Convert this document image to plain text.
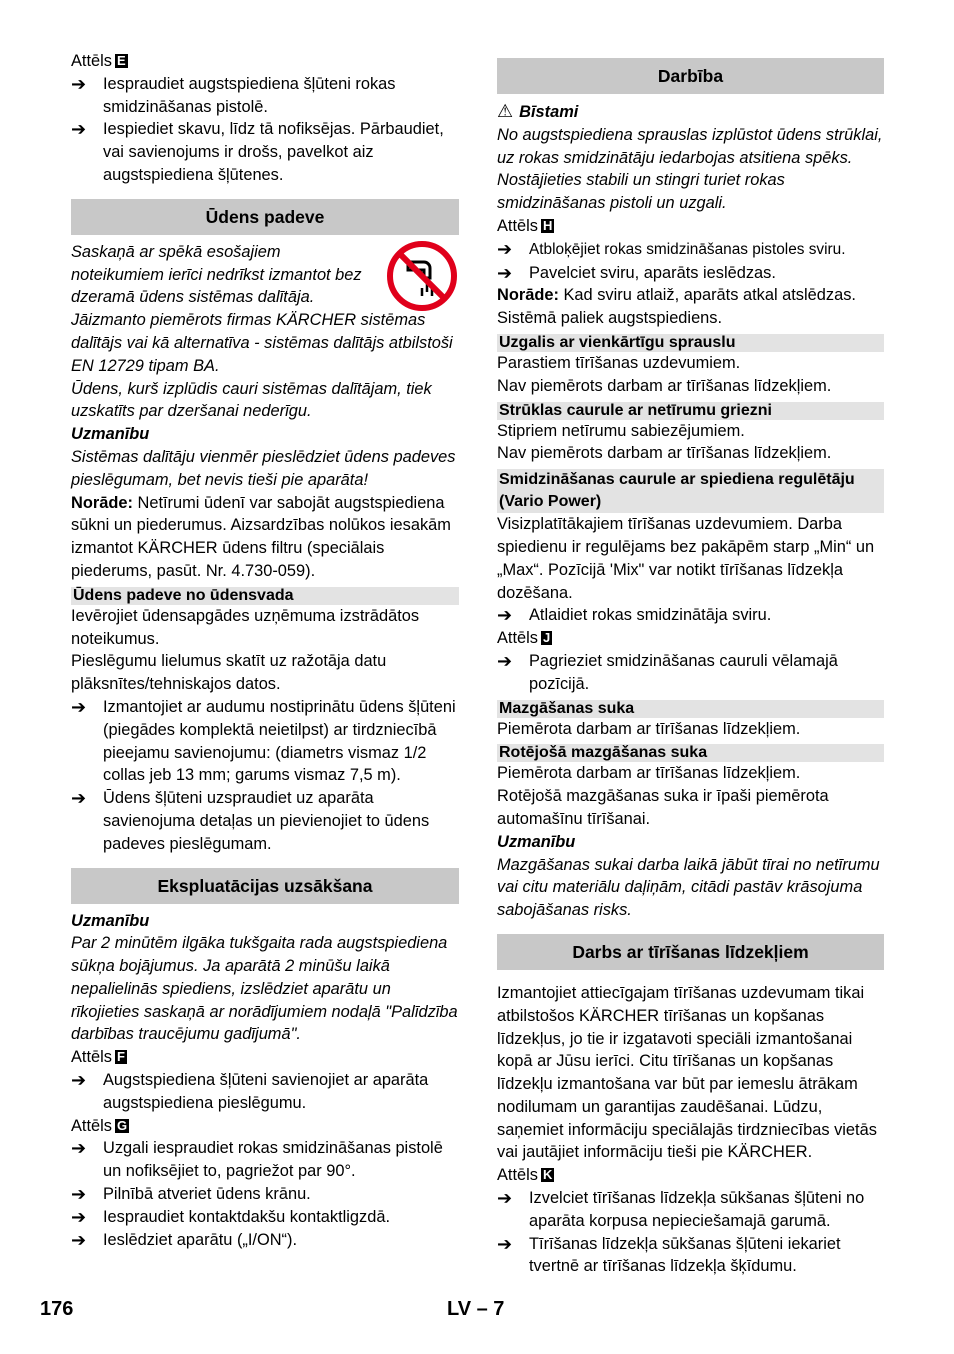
Attēls E

➔ Iespraudiet augstspiediena šļūteni rokas smidzināšanas pistolē.

➔ Iespiediet skavu, līdz tā nofiksējas. Pārbaudiet, vai savienojums ir drošs, pavelkot aiz augstspiediena šļūtenes.

Ūdens padeve

Saskaņā ar spēkā esošajiem noteikumiem ierīci nedrīkst izmantot bez dzeramā ūdens sistēmas dalītāja.

Jāizmanto piemērots firmas KÄRCHER sistēmas dalītājs vai kā alternatīva - sistēmas dalītājs atbilstoši EN 12729 tipam BA.

Ūdens, kurš izplūdis cauri sistēmas dalītājam, tiek uzskatīts par dzeršanai nederīgu.

Uzmanību

Sistēmas dalītāju vienmēr pieslēdziet ūdens padeves pieslēgumam, bet nevis tieši pie aparāta!

Norāde: Netīrumi ūdenī var sabojāt augstspiediena sūkni un piederumus. Aizsardzības nolūkos iesakām izmantot KÄRCHER ūdens filtru (speciālais piederums, pasūt. Nr. 4.730-059).

Ūdens padeve no ūdensvada

Ievērojiet ūdensapgādes uzņēmuma izstrādātos noteikumus.

Pieslēgumu lielumus skatīt uz ražotāja datu plāksnītes/tehniskajos datos.

➔ Izmantojiet ar audumu nostiprinātu ūdens šļūteni (piegādes komplektā neietilpst) ar tirdzniecībā pieejamu savienojumu: (diametrs vismaz 1/2 collas jeb 13 mm; garums vismaz 7,5 m).

➔ Ūdens šļūteni uzspraudiet uz aparāta savienojuma detaļas un pievienojiet to ūdens padeves pieslēgumam.

Ekspluatācijas uzsākšana

Uzmanību

Par 2 minūtēm ilgāka tukšgaita rada augstspiediena sūkņa bojājumus. Ja aparātā 2 minūšu laikā nepalielinās spiediens, izslēdziet aparātu un rīkojieties saskaņā ar norādījumiem nodaļā "Palīdzība darbības traucējumu gadījumā".

Attēls F

➔ Augstspiediena šļūteni savienojiet ar aparāta augstspiediena pieslēgumu.

Attēls G

➔ Uzgali iespraudiet rokas smidzināšanas pistolē un nofiksējiet to, pagriežot par 90°.

➔ Pilnībā atveriet ūdens krānu.

➔ Iespraudiet kontaktdakšu kontaktligzdā.

➔ Ieslēdziet aparātu („I/ON“).

Darbība

⚠ Bīstami

No augstspiediena sprauslas izplūstot ūdens strūklai, uz rokas smidzinātāju iedarbojas atsitiena spēks. Nostājieties stabili un stingri turiet rokas smidzināšanas pistoli un uzgali.

Attēls H

➔ Atbloķējiet rokas smidzināšanas pistoles sviru.

➔ Pavelciet sviru, aparāts ieslēdzas.

Norāde: Kad sviru atlaiž, aparāts atkal atslēdzas. Sistēmā paliek augstspiediens.

Uzgalis ar vienkārtīgu sprauslu

Parastiem tīrīšanas uzdevumiem.

Nav piemērots darbam ar tīrīšanas līdzekļiem.

Strūklas caurule ar netīrumu griezni

Stipriem netīrumu sabiezējumiem.

Nav piemērots darbam ar tīrīšanas līdzekļiem.

Smidzināšanas caurule ar spiediena regulētāju (Vario Power)

Visizplatītākajiem tīrīšanas uzdevumiem. Darba spiedienu ir regulējams bez pakāpēm starp „Min“ un „Max“. Pozīcijā 'Mix" var notikt tīrīšanas līdzekļa dozēšana.

➔ Atlaidiet rokas smidzinātāja sviru.

Attēls J

➔ Pagrieziet smidzināšanas cauruli vēlamajā pozīcijā.

Mazgāšanas suka

Piemērota darbam ar tīrīšanas līdzekļiem.

Rotējošā mazgāšanas suka

Piemērota darbam ar tīrīšanas līdzekļiem.

Rotējošā mazgāšanas suka ir īpaši piemērota automašīnu tīrīšanai.

Uzmanību

Mazgāšanas sukai darba laikā jābūt tīrai no netīrumu vai citu materiālu daļiņām, citādi pastāv krāsojuma sabojāšanas risks.

Darbs ar tīrīšanas līdzekļiem

Izmantojiet attiecīgajam tīrīšanas uzdevumam tikai atbilstošos KÄRCHER tīrīšanas un kopšanas līdzekļus, jo tie ir izgatavoti speciāli izmantošanai kopā ar Jūsu ierīci. Citu tīrīšanas un kopšanas līdzekļu izmantošana var būt par iemeslu ātrākam nodilumam un garantijas zaudēšanai. Lūdzu, saņemiet informāciju speciālajās tirdzniecības vietās vai jautājiet informāciju tieši pie KÄRCHER.

Attēls K

➔ Izvelciet tīrīšanas līdzekļa sūkšanas šļūteni no aparāta korpusa nepieciešamajā garumā.

➔ Tīrīšanas līdzekļa sūkšanas šļūteni iekariet tvertnē ar tīrīšanas līdzekļa šķīdumu.

176	LV – 7
